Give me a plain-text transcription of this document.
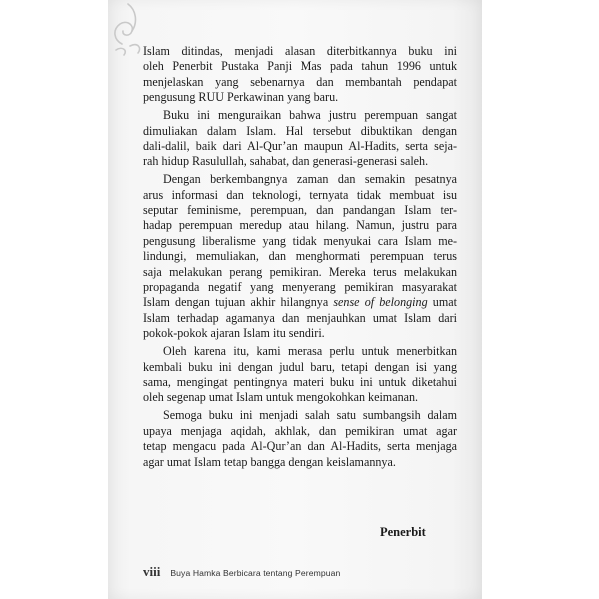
Islam ditindas, menjadi alasan diterbitkannya buku ini
oleh Penerbit Pustaka Panji Mas pada tahun 1996 untuk
menjelaskan yang sebenarnya dan membantah pendapat
pengusung RUU Perkawinan yang baru.
Buku ini menguraikan bahwa justru perempuan sangat
dimuliakan dalam Islam. Hal tersebut dibuktikan dengan
dali-dalil, baik dari Al-Qur’an maupun Al-Hadits, serta seja-
rah hidup Rasulullah, sahabat, dan generasi-generasi saleh.
Dengan berkembangnya zaman dan semakin pesatnya
arus informasi dan teknologi, ternyata tidak membuat isu
seputar feminisme, perempuan, dan pandangan Islam ter-
hadap perempuan meredup atau hilang. Namun, justru para
pengusung liberalisme yang tidak menyukai cara Islam me-
lindungi, memuliakan, dan menghormati perempuan terus
saja melakukan perang pemikiran. Mereka terus melakukan
propaganda negatif yang menyerang pemikiran masyarakat
Islam dengan tujuan akhir hilangnya sense of belonging umat
Islam terhadap agamanya dan menjauhkan umat Islam dari
pokok-pokok ajaran Islam itu sendiri.
Oleh karena itu, kami merasa perlu untuk menerbitkan
kembali buku ini dengan judul baru, tetapi dengan isi yang
sama, mengingat pentingnya materi buku ini untuk diketahui
oleh segenap umat Islam untuk mengokohkan keimanan.
Semoga buku ini menjadi salah satu sumbangsih dalam
upaya menjaga aqidah, akhlak, dan pemikiran umat agar
tetap mengacu pada Al-Qur’an dan Al-Hadits, serta menjaga
agar umat Islam tetap bangga dengan keislamannya.
Penerbit
viii Buya Hamka Berbicara tentang Perempuan
